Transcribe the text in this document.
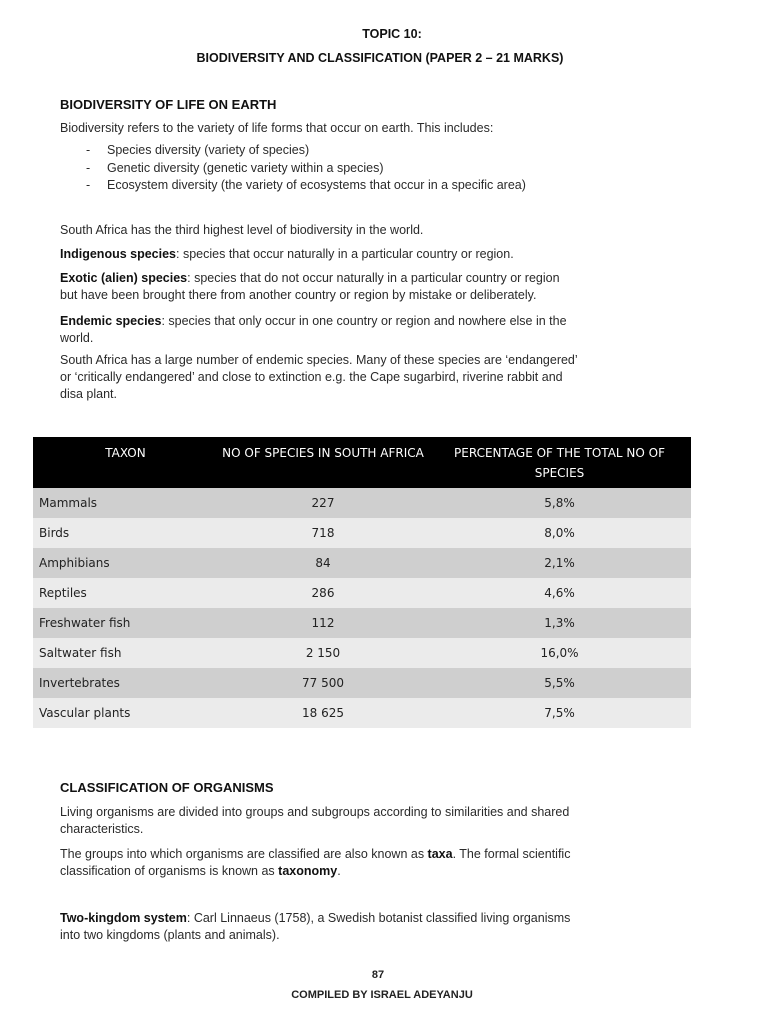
TOPIC 10:
BIODIVERSITY AND CLASSIFICATION (PAPER 2 – 21 MARKS)
BIODIVERSITY OF LIFE ON EARTH
Biodiversity refers to the variety of life forms that occur on earth. This includes:
- Species diversity (variety of species)
- Genetic diversity (genetic variety within a species)
- Ecosystem diversity (the variety of ecosystems that occur in a specific area)
South Africa has the third highest level of biodiversity in the world.
Indigenous species: species that occur naturally in a particular country or region.
Exotic (alien) species: species that do not occur naturally in a particular country or region
but have been brought there from another country or region by mistake or deliberately.
Endemic species: species that only occur in one country or region and nowhere else in the
world.
South Africa has a large number of endemic species. Many of these species are ‘endangered’
or ‘critically endangered’ and close to extinction e.g. the Cape sugarbird, riverine rabbit and
disa plant.
TAXON	NO OF SPECIES IN SOUTH AFRICA	PERCENTAGE OF THE TOTAL NO OF SPECIES
Mammals	227	5,8%
Birds	718	8,0%
Amphibians	84	2,1%
Reptiles	286	4,6%
Freshwater fish	112	1,3%
Saltwater fish	2 150	16,0%
Invertebrates	77 500	5,5%
Vascular plants	18 625	7,5%
CLASSIFICATION OF ORGANISMS
Living organisms are divided into groups and subgroups according to similarities and shared
characteristics.
The groups into which organisms are classified are also known as taxa. The formal scientific
classification of organisms is known as taxonomy.
Two-kingdom system: Carl Linnaeus (1758), a Swedish botanist classified living organisms
into two kingdoms (plants and animals).
87
COMPILED BY ISRAEL ADEYANJU
